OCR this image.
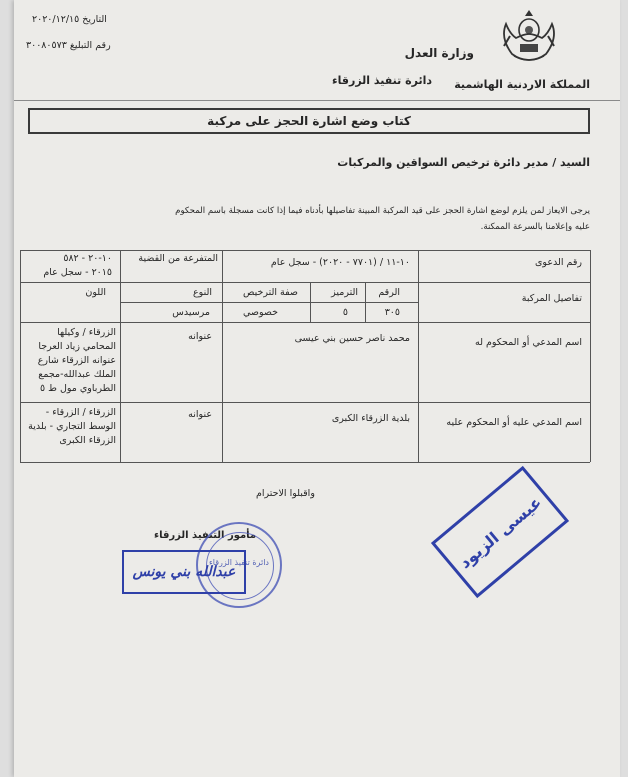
وزارة العدل
المملكة الاردنية الهاشمية
دائرة تنفيذ الزرقاء
التاريخ ٢٠٢٠/١٢/١٥
رقم التبليغ ٣٠٠٨٠٥٧٣
كتاب وضع اشارة الحجز على مركبة
السيد / مدير دائرة ترخيص السواقين والمركبات
يرجى الايعاز لمن يلزم لوضع اشارة الحجز على قيد المركبة المبينة تفاصيلها بأدناه فيما إذا كانت مسجلة باسم المحكوم
عليه وإعلامنا بالسرعة الممكنة.
رقم الدعوى
١٠-١١ / (٧٧٠١ - ٢٠٢٠) - سجل عام
المتفرعة من القضية
١٠-٢٠ - ٥٨٢
٢٠١٥ - سجل عام
تفاصيل المركبة
الرقم
الترميز
صفة الترخيص
النوع
اللون
٣٠٥
٥
خصوصي
مرسيدس
اسم المدعي أو المحكوم له
محمد ناصر حسين بني عيسى
عنوانه
الزرقاء / وكيلها
المحامي زياد العرجا
عنوانه الزرقاء شارع
الملك عبدالله-مجمع
الطرباوي مول ط ٥
اسم المدعي عليه أو المحكوم عليه
بلدية الزرقاء الكبرى
عنوانه
الزرقاء / الزرقاء -
الوسط التجاري - بلدية
الزرقاء الكبرى
واقبلوا الاحترام
مأمور التنفيذ الزرقاء
دائرة تنفيذ الزرقاء
عبدالله بني يونس
عيسى الزيود
